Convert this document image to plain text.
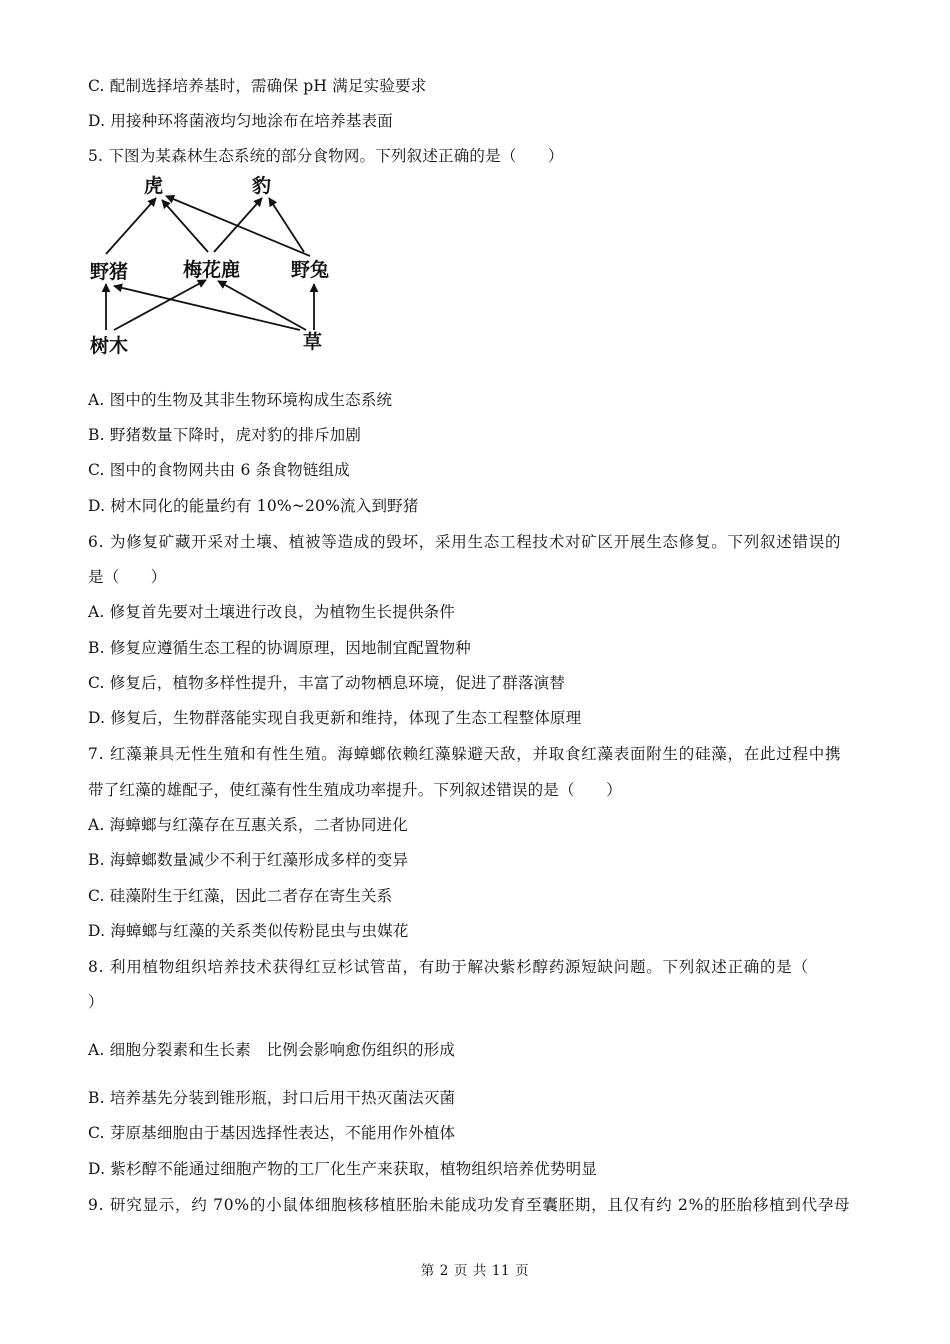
C. 配制选择培养基时，需确保 pH 满足实验要求
D. 用接种环将菌液均匀地涂布在培养基表面
5. 下图为某森林生态系统的部分食物网。下列叙述正确的是（　　）
虎	豹
野猪	梅花鹿	野兔
树木	草
A. 图中的生物及其非生物环境构成生态系统
B. 野猪数量下降时，虎对豹的排斥加剧
C. 图中的食物网共由 6 条食物链组成
D. 树木同化的能量约有 10%~20%流入到野猪
6. 为修复矿藏开采对土壤、植被等造成的毁坏，采用生态工程技术对矿区开展生态修复。下列叙述错误的
是（　　）
A. 修复首先要对土壤进行改良，为植物生长提供条件
B. 修复应遵循生态工程的协调原理，因地制宜配置物种
C. 修复后，植物多样性提升，丰富了动物栖息环境，促进了群落演替
D. 修复后，生物群落能实现自我更新和维持，体现了生态工程整体原理
7. 红藻兼具无性生殖和有性生殖。海蟑螂依赖红藻躲避天敌，并取食红藻表面附生的硅藻，在此过程中携
带了红藻的雄配子，使红藻有性生殖成功率提升。下列叙述错误的是（　　）
A. 海蟑螂与红藻存在互惠关系，二者协同进化
B. 海蟑螂数量减少不利于红藻形成多样的变异
C. 硅藻附生于红藻，因此二者存在寄生关系
D. 海蟑螂与红藻的关系类似传粉昆虫与虫媒花
8. 利用植物组织培养技术获得红豆杉试管苗，有助于解决紫杉醇药源短缺问题。下列叙述正确的是（
）
A. 细胞分裂素和生长素　比例会影响愈伤组织的形成
B. 培养基先分装到锥形瓶，封口后用干热灭菌法灭菌
C. 芽原基细胞由于基因选择性表达，不能用作外植体
D. 紫杉醇不能通过细胞产物的工厂化生产来获取，植物组织培养优势明显
9. 研究显示，约 70%的小鼠体细胞核移植胚胎未能成功发育至囊胚期，且仅有约 2%的胚胎移植到代孕母
第 2 页 共 11 页
